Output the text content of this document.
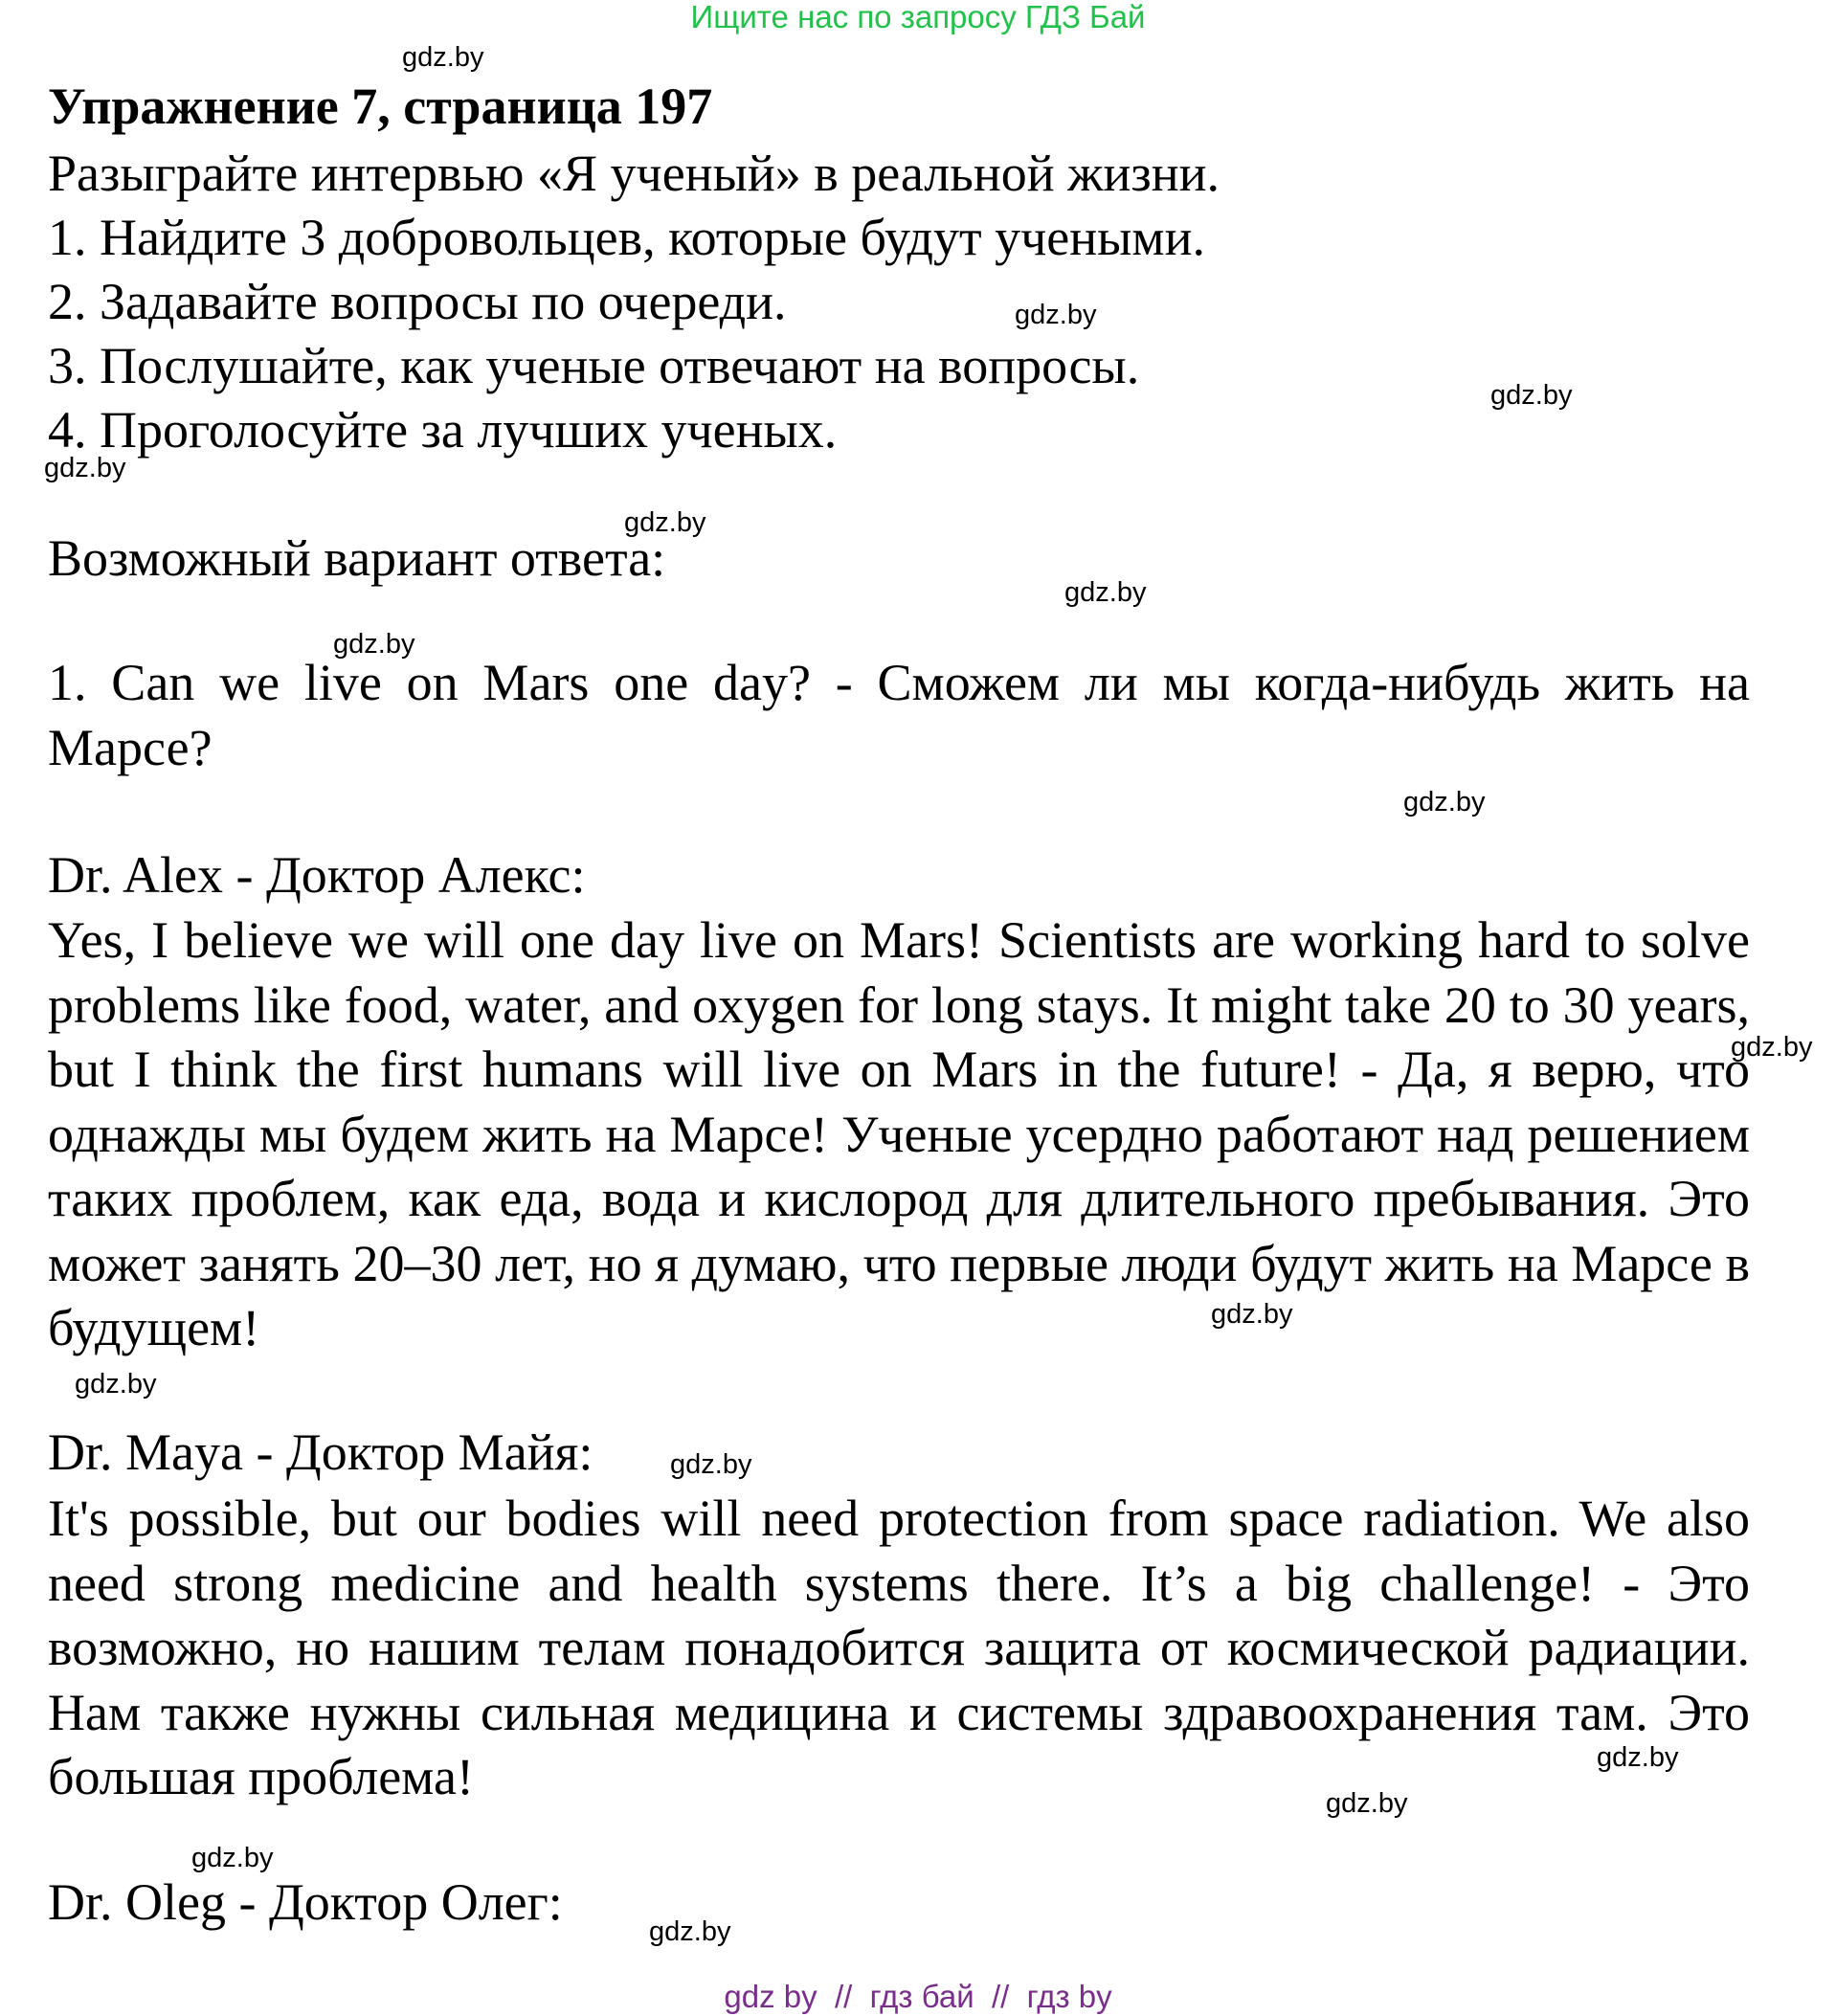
Ищите нас по запросу ГДЗ Бай
Упражнение 7, страница 197
Разыграйте интервью «Я ученый» в реальной жизни.
1. Найдите 3 добровольцев, которые будут учеными.
2. Задавайте вопросы по очереди.
3. Послушайте, как ученые отвечают на вопросы.
4. Проголосуйте за лучших ученых.
Возможный вариант ответа:
1. Can we live on Mars one day? - Сможем ли мы когда-нибудь жить на Марсе?
Dr. Alex - Доктор Алекс:
Yes, I believe we will one day live on Mars! Scientists are working hard to solve problems like food, water, and oxygen for long stays. It might take 20 to 30 years, but I think the first humans will live on Mars in the future! - Да, я верю, что однажды мы будем жить на Марсе! Ученые усердно работают над решением таких проблем, как еда, вода и кислород для длительного пребывания. Это может занять 20–30 лет, но я думаю, что первые люди будут жить на Марсе в будущем!
Dr. Maya - Доктор Майя:
It's possible, but our bodies will need protection from space radiation. We also need strong medicine and health systems there. It’s a big challenge! - Это возможно, но нашим телам понадобится защита от космической радиации. Нам также нужны сильная медицина и системы здравоохранения там. Это большая проблема!
Dr. Oleg - Доктор Олег:
gdz.by
gdz.by
gdz.by
gdz.by
gdz.by
gdz.by
gdz.by
gdz.by
gdz.by
gdz.by
gdz.by
gdz.by
gdz.by
gdz.by
gdz.by
gdz.by
gdz by  //  гдз бай  //  гдз by
